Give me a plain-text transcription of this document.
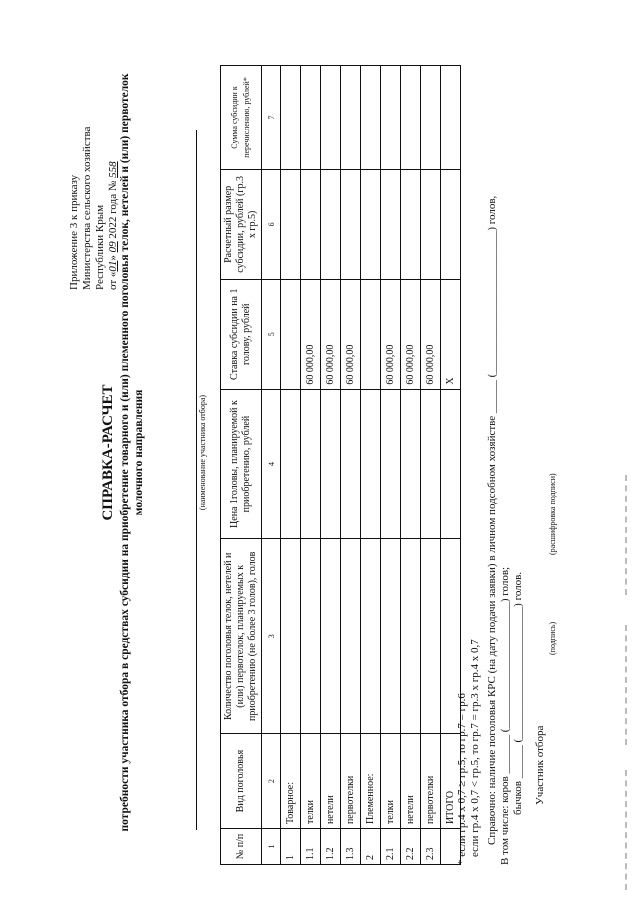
Приложение 3 к приказу Министерства сельского хозяйства Республики Крым от «01» 09 2022 года № 558
СПРАВКА-РАСЧЕТ потребности участника отбора в средствах субсидии на приобретение товарного и (или) племенного поголовья телок, нетелей и (или) первотелок молочного направления	(наименование участника отбора)
№ п/п	Вид поголовья	Количество поголовья телок, нетелей и (или) первотелок, планируемых к приобретению (не более 3 голов), голов	Цена 1головы, планируемой к приобретению, рублей	Ставка субсидии на 1 голову, рублей	Расчетный размер субсидии, рублей (гр.3 х гр.5)	Сумма субсидии к перечислению, рублей*
1	2	3	4	5	6	7
1	Товарное:					
1.1	телки			60 000,00		
1.2	нетели			60 000,00		
1.3	первотелки			60 000,00		
2	Племенное:					
2.1	телки			60 000,00		
2.2	нетели			60 000,00		
2.3	первотелки			60 000,00		
	ИТОГО			Х		
* если гр.4 х 0,7 ≥ гр.5, то гр.7 = гр.6 если гр.4 х 0,7 < гр.5, то гр.7 = гр.3 х гр.4 х 0,7 Справочно: наличие поголовья КРС (на дату подачи заявки) в личном подсобном хозяйстве ______ (__________________________) голов, В том числе: коров _______ (_______________________) голов; бычков ______ (________________________) голов. Участник отбора
(подпись)
(расшифровка подписи)
